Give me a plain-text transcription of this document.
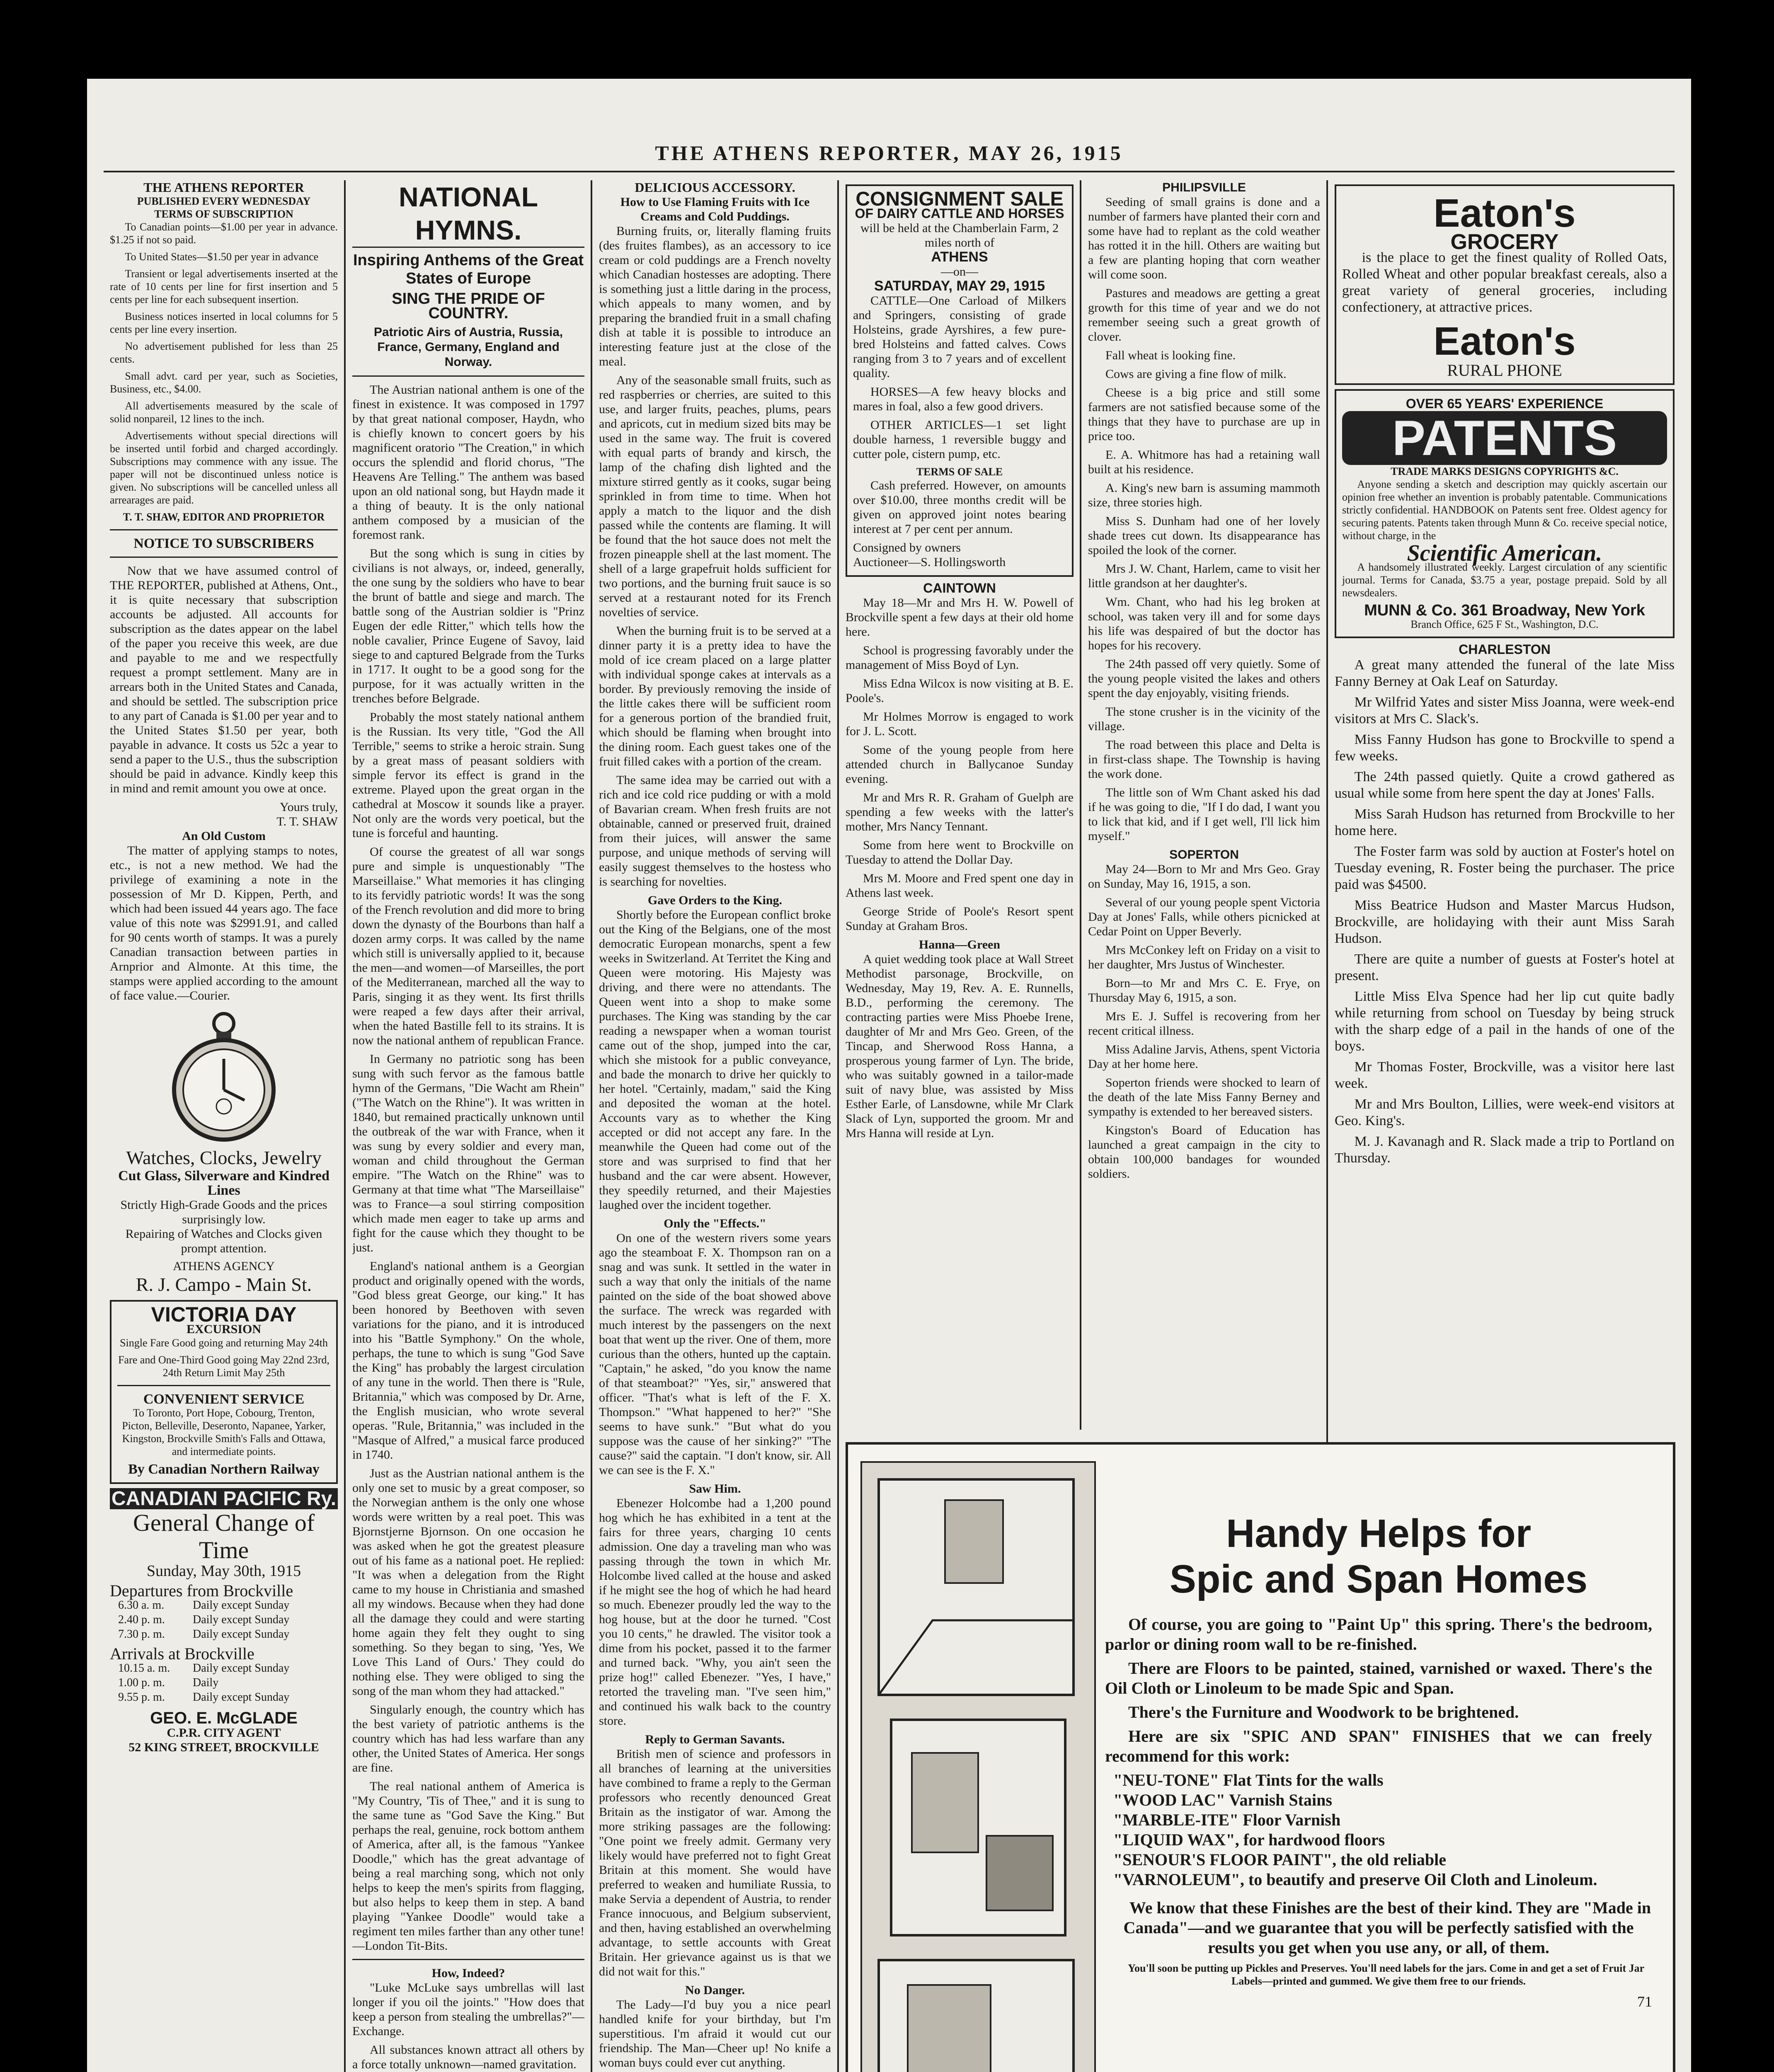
THE ATHENS REPORTER, MAY 26, 1915
THE ATHENS REPORTER
PUBLISHED EVERY WEDNESDAY
TERMS OF SUBSCRIPTION

To Canadian points—$1.00 per year in advance. $1.25 if not so paid.

To United States—$1.50 per year in advance

Transient or legal advertisements inserted at the rate of 10 cents per line for first insertion and 5 cents per line for each subsequent insertion.

Business notices inserted in local columns for 5 cents per line every insertion.

No advertisement published for less than 25 cents.

Small advt. card per year, such as Societies, Business, etc., $4.00.

All advertisements measured by the scale of solid nonpareil, 12 lines to the inch.

Advertisements without special directions will be inserted until forbid and charged accordingly. Subscriptions may commence with any issue. The paper will not be discontinued unless notice is given. No subscriptions will be cancelled unless all arrearages are paid.

T. T. SHAW, EDITOR AND PROPRIETOR
NOTICE TO SUBSCRIBERS

Now that we have assumed control of THE REPORTER, published at Athens, Ont., it is quite necessary that subscription accounts be adjusted. All accounts for subscription as the dates appear on the label of the paper you receive this week, are due and payable to me and we respectfully request a prompt settlement. Many are in arrears both in the United States and Canada, and should be settled. The subscription price to any part of Canada is $1.00 per year and to the United States $1.50 per year, both payable in advance. It costs us 52c a year to send a paper to the U.S., thus the subscription should be paid in advance. Kindly keep this in mind and remit amount you owe at once.

Yours truly,
T. T. SHAW
An Old Custom

The matter of applying stamps to notes, etc., is not a new method. We had the privilege of examining a note in the possession of Mr D. Kippen, Perth, and which had been issued 44 years ago. The face value of this note was $2991.91, and called for 90 cents worth of stamps. It was a purely Canadian transaction between parties in Arnprior and Almonte. At this time, the stamps were applied according to the amount of face value.—Courier.

Watches, Clocks, Jewelry
Cut Glass, Silverware and Kindred Lines
Strictly High-Grade Goods and the prices surprisingly low.
Repairing of Watches and Clocks given prompt attention.
ATHENS AGENCY
R. J. Campo - Main St.
VICTORIA DAY
EXCURSION
Single Fare Good going and returning May 24th
Fare and One-Third Good going May 22nd 23rd, 24th Return Limit May 25th
CONVENIENT SERVICE
To Toronto, Port Hope, Cobourg, Trenton, Picton, Belleville, Deseronto, Napanee, Yarker, Kingston, Brockville Smith's Falls and Ottawa, and intermediate points.
By Canadian Northern Railway
CANADIAN PACIFIC Ry.
General Change of Time
Sunday, May 30th, 1915
Departures from Brockville
6.30 a. m.	Daily except Sunday
2.40 p. m.	Daily except Sunday
7.30 p. m.	Daily except Sunday
Arrivals at Brockville
10.15 a. m.	Daily except Sunday
1.00 p. m.	Daily
9.55 p. m.	Daily except Sunday
GEO. E. McGLADE
C.P.R. CITY AGENT
52 KING STREET, BROCKVILLE
NATIONAL HYMNS.
Inspiring Anthems of the Great States of Europe
SING THE PRIDE OF COUNTRY.
Patriotic Airs of Austria, Russia, France, Germany, England and Norway.

The Austrian national anthem is one of the finest in existence. It was composed in 1797 by that great national composer, Haydn, who is chiefly known to concert goers by his magnificent oratorio "The Creation," in which occurs the splendid and florid chorus, "The Heavens Are Telling." The anthem was based upon an old national song, but Haydn made it a thing of beauty. It is the only national anthem composed by a musician of the foremost rank.

But the song which is sung in cities by civilians is not always, or, indeed, generally, the one sung by the soldiers who have to bear the brunt of battle and siege and march. The battle song of the Austrian soldier is "Prinz Eugen der edle Ritter," which tells how the noble cavalier, Prince Eugene of Savoy, laid siege to and captured Belgrade from the Turks in 1717. It ought to be a good song for the purpose, for it was actually written in the trenches before Belgrade.

Probably the most stately national anthem is the Russian. Its very title, "God the All Terrible," seems to strike a heroic strain. Sung by a great mass of peasant soldiers with simple fervor its effect is grand in the extreme. Played upon the great organ in the cathedral at Moscow it sounds like a prayer. Not only are the words very poetical, but the tune is forceful and haunting.

Of course the greatest of all war songs pure and simple is unquestionably "The Marseillaise." What memories it has clinging to its fervidly patriotic words! It was the song of the French revolution and did more to bring down the dynasty of the Bourbons than half a dozen army corps. It was called by the name which still is universally applied to it, because the men—and women—of Marseilles, the port of the Mediterranean, marched all the way to Paris, singing it as they went. Its first thrills were reaped a few days after their arrival, when the hated Bastille fell to its strains. It is now the national anthem of republican France.

In Germany no patriotic song has been sung with such fervor as the famous battle hymn of the Germans, "Die Wacht am Rhein" ("The Watch on the Rhine"). It was written in 1840, but remained practically unknown until the outbreak of the war with France, when it was sung by every soldier and every man, woman and child throughout the German empire. "The Watch on the Rhine" was to Germany at that time what "The Marseillaise" was to France—a soul stirring composition which made men eager to take up arms and fight for the cause which they thought to be just.

England's national anthem is a Georgian product and originally opened with the words, "God bless great George, our king." It has been honored by Beethoven with seven variations for the piano, and it is introduced into his "Battle Symphony." On the whole, perhaps, the tune to which is sung "God Save the King" has probably the largest circulation of any tune in the world. Then there is "Rule, Britannia," which was composed by Dr. Arne, the English musician, who wrote several operas. "Rule, Britannia," was included in the "Masque of Alfred," a musical farce produced in 1740.

Just as the Austrian national anthem is the only one set to music by a great composer, so the Norwegian anthem is the only one whose words were written by a real poet. This was Bjornstjerne Bjornson. On one occasion he was asked when he got the greatest pleasure out of his fame as a national poet. He replied: "It was when a delegation from the Right came to my house in Christiania and smashed all my windows. Because when they had done all the damage they could and were starting home again they felt they ought to sing something. So they began to sing, 'Yes, We Love This Land of Ours.' They could do nothing else. They were obliged to sing the song of the man whom they had attacked."

Singularly enough, the country which has the best variety of patriotic anthems is the country which has had less warfare than any other, the United States of America. Her songs are fine.

The real national anthem of America is "My Country, 'Tis of Thee," and it is sung to the same tune as "God Save the King." But perhaps the real, genuine, rock bottom anthem of America, after all, is the famous "Yankee Doodle," which has the great advantage of being a real marching song, which not only helps to keep the men's spirits from flagging, but also helps to keep them in step. A band playing "Yankee Doodle" would take a regiment ten miles farther than any other tune!—London Tit-Bits.

How, Indeed?

"Luke McLuke says umbrellas will last longer if you oil the joints." "How does that keep a person from stealing the umbrellas?"—Exchange.

All substances known attract all others by a force totally unknown—named gravitation.

DELICIOUS ACCESSORY.
How to Use Flaming Fruits with Ice Creams and Cold Puddings.

Burning fruits, or, literally flaming fruits (des fruites flambes), as an accessory to ice cream or cold puddings are a French novelty which Canadian hostesses are adopting. There is something just a little daring in the process, which appeals to many women, and by preparing the brandied fruit in a small chafing dish at table it is possible to introduce an interesting feature just at the close of the meal.

Any of the seasonable small fruits, such as red raspberries or cherries, are suited to this use, and larger fruits, peaches, plums, pears and apricots, cut in medium sized bits may be used in the same way. The fruit is covered with equal parts of brandy and kirsch, the lamp of the chafing dish lighted and the mixture stirred gently as it cooks, sugar being sprinkled in from time to time. When hot apply a match to the liquor and the dish passed while the contents are flaming. It will be found that the hot sauce does not melt the frozen pineapple shell at the last moment. The shell of a large grapefruit holds sufficient for two portions, and the burning fruit sauce is so served at a restaurant noted for its French novelties of service.

When the burning fruit is to be served at a dinner party it is a pretty idea to have the mold of ice cream placed on a large platter with individual sponge cakes at intervals as a border. By previously removing the inside of the little cakes there will be sufficient room for a generous portion of the brandied fruit, which should be flaming when brought into the dining room. Each guest takes one of the fruit filled cakes with a portion of the cream.

The same idea may be carried out with a rich and ice cold rice pudding or with a mold of Bavarian cream. When fresh fruits are not obtainable, canned or preserved fruit, drained from their juices, will answer the same purpose, and unique methods of serving will easily suggest themselves to the hostess who is searching for novelties.

Gave Orders to the King.

Shortly before the European conflict broke out the King of the Belgians, one of the most democratic European monarchs, spent a few weeks in Switzerland. At Territet the King and Queen were motoring. His Majesty was driving, and there were no attendants. The Queen went into a shop to make some purchases. The King was standing by the car reading a newspaper when a woman tourist came out of the shop, jumped into the car, which she mistook for a public conveyance, and bade the monarch to drive her quickly to her hotel. "Certainly, madam," said the King and deposited the woman at the hotel. Accounts vary as to whether the King accepted or did not accept any fare. In the meanwhile the Queen had come out of the store and was surprised to find that her husband and the car were absent. However, they speedily returned, and their Majesties laughed over the incident together.

Only the "Effects."

On one of the western rivers some years ago the steamboat F. X. Thompson ran on a snag and was sunk. It settled in the water in such a way that only the initials of the name painted on the side of the boat showed above the surface. The wreck was regarded with much interest by the passengers on the next boat that went up the river. One of them, more curious than the others, hunted up the captain. "Captain," he asked, "do you know the name of that steamboat?" "Yes, sir," answered that officer. "That's what is left of the F. X. Thompson." "What happened to her?" "She seems to have sunk." "But what do you suppose was the cause of her sinking?" "The cause?" said the captain. "I don't know, sir. All we can see is the F. X."

Saw Him.

Ebenezer Holcombe had a 1,200 pound hog which he has exhibited in a tent at the fairs for three years, charging 10 cents admission. One day a traveling man who was passing through the town in which Mr. Holcombe lived called at the house and asked if he might see the hog of which he had heard so much. Ebenezer proudly led the way to the hog house, but at the door he turned. "Cost you 10 cents," he drawled. The visitor took a dime from his pocket, passed it to the farmer and turned back. "Why, you ain't seen the prize hog!" called Ebenezer. "Yes, I have," retorted the traveling man. "I've seen him," and continued his walk back to the country store.

Reply to German Savants.

British men of science and professors in all branches of learning at the universities have combined to frame a reply to the German professors who recently denounced Great Britain as the instigator of war. Among the more striking passages are the following: "One point we freely admit. Germany very likely would have preferred not to fight Great Britain at this moment. She would have preferred to weaken and humiliate Russia, to make Servia a dependent of Austria, to render France innocuous, and Belgium subservient, and then, having established an overwhelming advantage, to settle accounts with Great Britain. Her grievance against us is that we did not wait for this."

No Danger.

The Lady—I'd buy you a nice pearl handled knife for your birthday, but I'm superstitious. I'm afraid it would cut our friendship. The Man—Cheer up! No knife a woman buys could ever cut anything.

CONSIGNMENT SALE
OF DAIRY CATTLE AND HORSES
will be held at the Chamberlain Farm, 2 miles north of
ATHENS
—on—
SATURDAY, MAY 29, 1915

CATTLE—One Carload of Milkers and Springers, consisting of grade Holsteins, grade Ayrshires, a few pure-bred Holsteins and fatted calves. Cows ranging from 3 to 7 years and of excellent quality.

HORSES—A few heavy blocks and mares in foal, also a few good drivers.

OTHER ARTICLES—1 set light double harness, 1 reversible buggy and cutter pole, cistern pump, etc.

TERMS OF SALE

Cash preferred. However, on amounts over $10.00, three months credit will be given on approved joint notes bearing interest at 7 per cent per annum.

Consigned by owners
Auctioneer—S. Hollingsworth
CAINTOWN

May 18—Mr and Mrs H. W. Powell of Brockville spent a few days at their old home here.

School is progressing favorably under the management of Miss Boyd of Lyn.

Miss Edna Wilcox is now visiting at B. E. Poole's.

Mr Holmes Morrow is engaged to work for J. L. Scott.

Some of the young people from here attended church in Ballycanoe Sunday evening.

Mr and Mrs R. R. Graham of Guelph are spending a few weeks with the latter's mother, Mrs Nancy Tennant.

Some from here went to Brockville on Tuesday to attend the Dollar Day.

Mrs M. Moore and Fred spent one day in Athens last week.

George Stride of Poole's Resort spent Sunday at Graham Bros.

Hanna—Green

A quiet wedding took place at Wall Street Methodist parsonage, Brockville, on Wednesday, May 19, Rev. A. E. Runnells, B.D., performing the ceremony. The contracting parties were Miss Phoebe Irene, daughter of Mr and Mrs Geo. Green, of the Tincap, and Sherwood Ross Hanna, a prosperous young farmer of Lyn. The bride, who was suitably gowned in a tailor-made suit of navy blue, was assisted by Miss Esther Earle, of Lansdowne, while Mr Clark Slack of Lyn, supported the groom. Mr and Mrs Hanna will reside at Lyn.

PHILIPSVILLE

Seeding of small grains is done and a number of farmers have planted their corn and some have had to replant as the cold weather has rotted it in the hill. Others are waiting but a few are planting hoping that corn weather will come soon.

Pastures and meadows are getting a great growth for this time of year and we do not remember seeing such a great growth of clover.

Fall wheat is looking fine.

Cows are giving a fine flow of milk.

Cheese is a big price and still some farmers are not satisfied because some of the things that they have to purchase are up in price too.

E. A. Whitmore has had a retaining wall built at his residence.

A. King's new barn is assuming mammoth size, three stories high.

Miss S. Dunham had one of her lovely shade trees cut down. Its disappearance has spoiled the look of the corner.

Mrs J. W. Chant, Harlem, came to visit her little grandson at her daughter's.

Wm. Chant, who had his leg broken at school, was taken very ill and for some days his life was despaired of but the doctor has hopes for his recovery.

The 24th passed off very quietly. Some of the young people visited the lakes and others spent the day enjoyably, visiting friends.

The stone crusher is in the vicinity of the village.

The road between this place and Delta is in first-class shape. The Township is having the work done.

The little son of Wm Chant asked his dad if he was going to die, "If I do dad, I want you to lick that kid, and if I get well, I'll lick him myself."

SOPERTON

May 24—Born to Mr and Mrs Geo. Gray on Sunday, May 16, 1915, a son.

Several of our young people spent Victoria Day at Jones' Falls, while others picnicked at Cedar Point on Upper Beverly.

Mrs McConkey left on Friday on a visit to her daughter, Mrs Justus of Winchester.

Born—to Mr and Mrs C. E. Frye, on Thursday May 6, 1915, a son.

Mrs E. J. Suffel is recovering from her recent critical illness.

Miss Adaline Jarvis, Athens, spent Victoria Day at her home here.

Soperton friends were shocked to learn of the death of the late Miss Fanny Berney and sympathy is extended to her bereaved sisters.

Kingston's Board of Education has launched a great campaign in the city to obtain 100,000 bandages for wounded soldiers.

Eaton's
GROCERY

is the place to get the finest quality of Rolled Oats, Rolled Wheat and other popular breakfast cereals, also a great variety of general groceries, including confectionery, at attractive prices.

Eaton's
RURAL PHONE
OVER 65 YEARS' EXPERIENCE
PATENTS
TRADE MARKS DESIGNS COPYRIGHTS &C.

Anyone sending a sketch and description may quickly ascertain our opinion free whether an invention is probably patentable. Communications strictly confidential. HANDBOOK on Patents sent free. Oldest agency for securing patents. Patents taken through Munn & Co. receive special notice, without charge, in the

Scientific American.

A handsomely illustrated weekly. Largest circulation of any scientific journal. Terms for Canada, $3.75 a year, postage prepaid. Sold by all newsdealers.

MUNN & Co. 361 Broadway, New York
Branch Office, 625 F St., Washington, D.C.
CHARLESTON

A great many attended the funeral of the late Miss Fanny Berney at Oak Leaf on Saturday.

Mr Wilfrid Yates and sister Miss Joanna, were week-end visitors at Mrs C. Slack's.

Miss Fanny Hudson has gone to Brockville to spend a few weeks.

The 24th passed quietly. Quite a crowd gathered as usual while some from here spent the day at Jones' Falls.

Miss Sarah Hudson has returned from Brockville to her home here.

The Foster farm was sold by auction at Foster's hotel on Tuesday evening, R. Foster being the purchaser. The price paid was $4500.

Miss Beatrice Hudson and Master Marcus Hudson, Brockville, are holidaying with their aunt Miss Sarah Hudson.

There are quite a number of guests at Foster's hotel at present.

Little Miss Elva Spence had her lip cut quite badly while returning from school on Tuesday by being struck with the sharp edge of a pail in the hands of one of the boys.

Mr Thomas Foster, Brockville, was a visitor here last week.

Mr and Mrs Boulton, Lillies, were week-end visitors at Geo. King's.

M. J. Kavanagh and R. Slack made a trip to Portland on Thursday.

Handy Helps for
Spic and Span Homes

Of course, you are going to "Paint Up" this spring. There's the bedroom, parlor or dining room wall to be re-finished.

There are Floors to be painted, stained, varnished or waxed. There's the Oil Cloth or Linoleum to be made Spic and Span.

There's the Furniture and Woodwork to be brightened.

Here are six "SPIC AND SPAN" FINISHES that we can freely recommend for this work:

"NEU-TONE" Flat Tints for the walls
"WOOD LAC" Varnish Stains
"MARBLE-ITE" Floor Varnish
"LIQUID WAX", for hardwood floors
"SENOUR'S FLOOR PAINT", the old reliable
"VARNOLEUM", to beautify and preserve Oil Cloth and Linoleum.

We know that these Finishes are the best of their kind. They are "Made in Canada"—and we guarantee that you will be perfectly satisfied with the results you get when you use any, or all, of them.

You'll soon be putting up Pickles and Preserves. You'll need labels for the jars. Come in and get a set of Fruit Jar Labels—printed and gummed. We give them free to our friends.

71
